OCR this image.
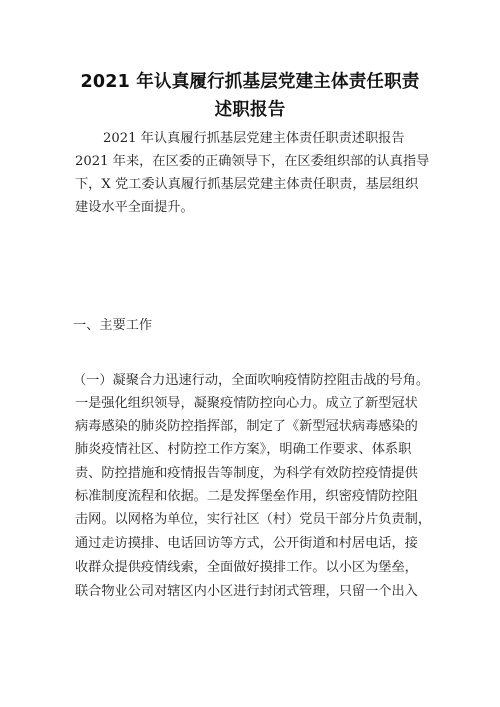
2021 年认真履行抓基层党建主体责任职责
述职报告
2021 年认真履行抓基层党建主体责任职责述职报告
2021 年来，在区委的正确领导下，在区委组织部的认真指导
下，X 党工委认真履行抓基层党建主体责任职责，基层组织
建设水平全面提升。
一、主要工作
（一）凝聚合力迅速行动，全面吹响疫情防控阻击战的号角。
一是强化组织领导，凝聚疫情防控向心力。成立了新型冠状
病毒感染的肺炎防控指挥部，制定了《新型冠状病毒感染的
肺炎疫情社区、村防控工作方案》，明确工作要求、体系职
责、防控措施和疫情报告等制度，为科学有效防控疫情提供
标准制度流程和依据。二是发挥堡垒作用，织密疫情防控阻
击网。以网格为单位，实行社区（村）党员干部分片负责制，
通过走访摸排、电话回访等方式，公开街道和村居电话，接
收群众提供疫情线索，全面做好摸排工作。以小区为堡垒，
联合物业公司对辖区内小区进行封闭式管理，只留一个出入
